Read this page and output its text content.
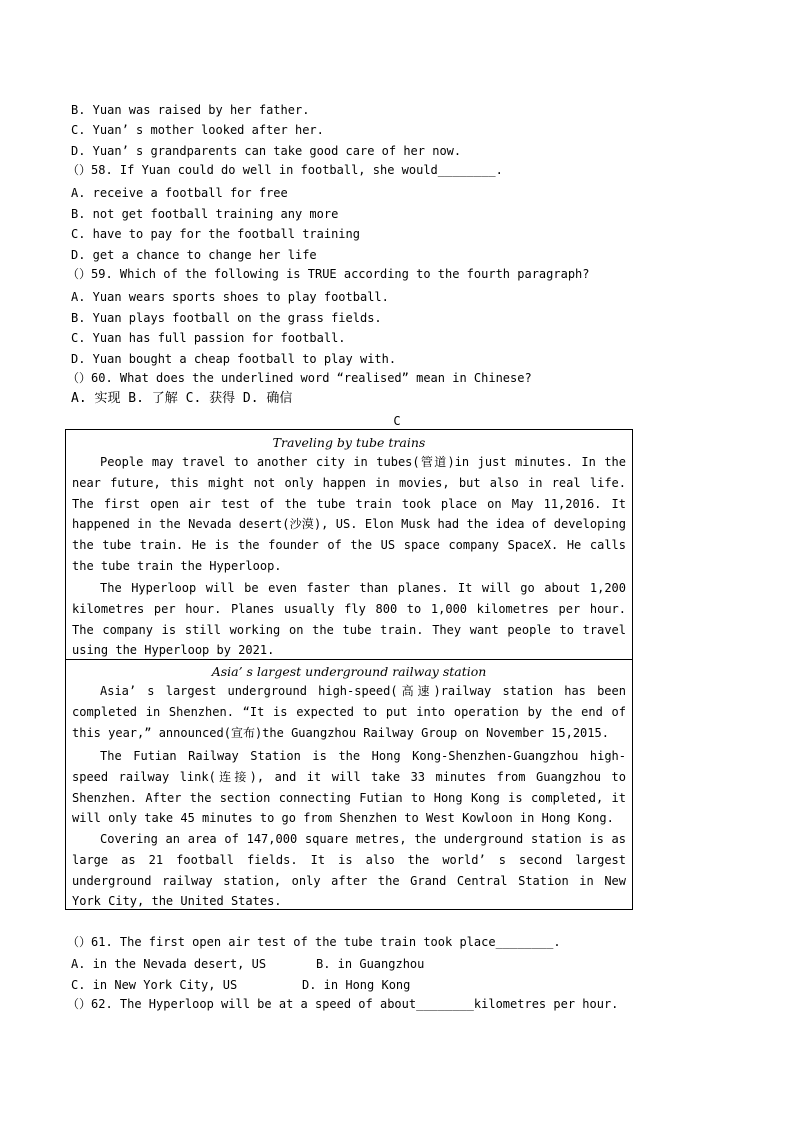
B. Yuan was raised by her father.
C. Yuan’ s mother looked after her.
D. Yuan’ s grandparents can take good care of her now.
（）58. If Yuan could do well in football, she would________.
A. receive a football for free
B. not get football training any more
C. have to pay for the football training
D. get a chance to change her life
（）59. Which of the following is TRUE according to the fourth paragraph?
A. Yuan wears sports shoes to play football.
B. Yuan plays football on the grass fields.
C. Yuan has full passion for football.
D. Yuan bought a cheap football to play with.
（）60. What does the underlined word “realised” mean in Chinese?
A. 实现 B. 了解 C. 获得 D. 确信
C
Traveling by tube trains
People may travel to another city in tubes(管道)in just minutes. In the near future, this might not only happen in movies, but also in real life. The first open air test of the tube train took place on May 11,2016. It happened in the Nevada desert(沙漠), US. Elon Musk had the idea of developing the tube train. He is the founder of the US space company SpaceX. He calls the tube train the Hyperloop.
The Hyperloop will be even faster than planes. It will go about 1,200 kilometres per hour. Planes usually fly 800 to 1,000 kilometres per hour. The company is still working on the tube train. They want people to travel using the Hyperloop by 2021.
Asia’ s largest underground railway station
Asia’ s largest underground high-speed(高速)railway station has been completed in Shenzhen. “It is expected to put into operation by the end of this year,” announced(宣布)the Guangzhou Railway Group on November 15,2015.
The Futian Railway Station is the Hong Kong-Shenzhen-Guangzhou high-speed railway link(连接), and it will take 33 minutes from Guangzhou to Shenzhen. After the section connecting Futian to Hong Kong is completed, it will only take 45 minutes to go from Shenzhen to West Kowloon in Hong Kong.
Covering an area of 147,000 square metres, the underground station is as large as 21 football fields. It is also the world’ s second largest underground railway station, only after the Grand Central Station in New York City, the United States.
（）61. The first open air test of the tube train took place________.
A. in the Nevada desert, US	B. in Guangzhou
C. in New York City, US	D. in Hong Kong
（）62. The Hyperloop will be at a speed of about________kilometres per hour.
